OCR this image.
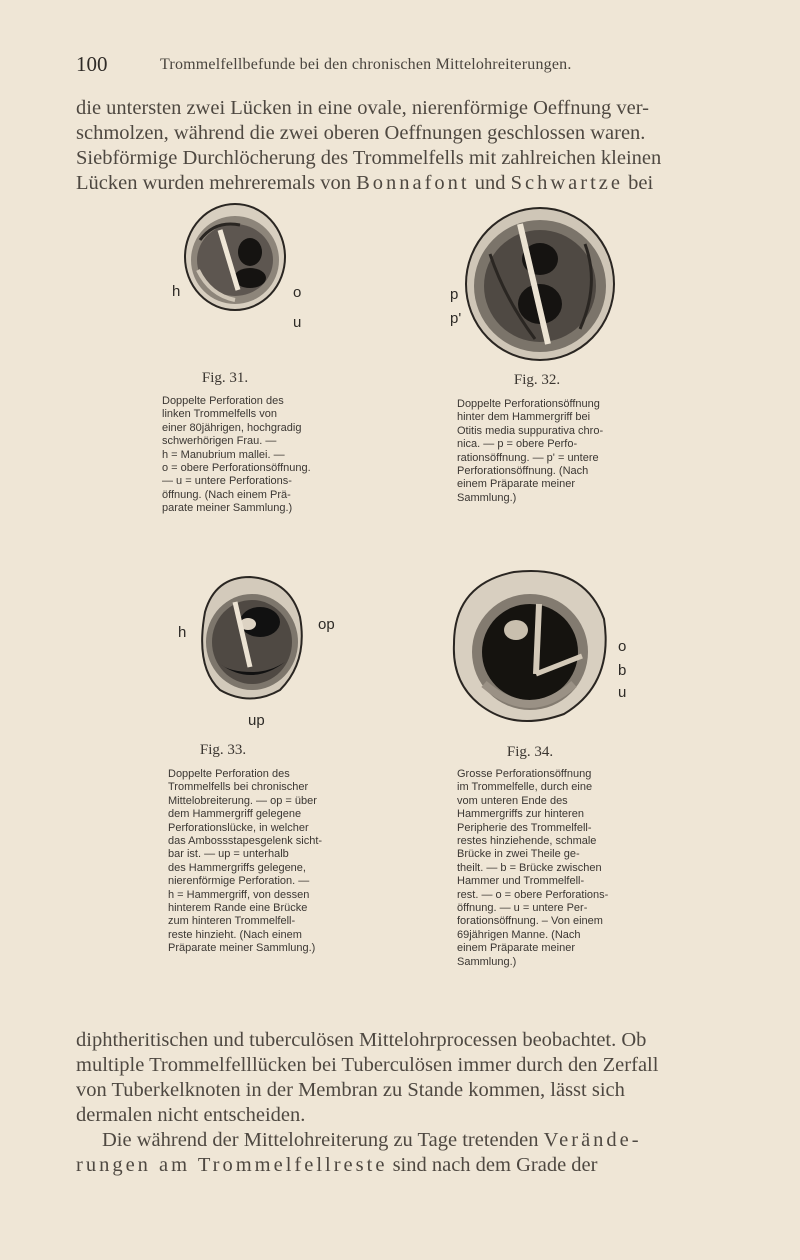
100	Trommelfellbefunde bei den chronischen Mittelohreiterungen.
die untersten zwei Lücken in eine ovale, nierenförmige Oeffnung ver-
schmolzen, während die zwei oberen Oeffnungen geschlossen waren.
Siebförmige Durchlöcherung des Trommelfells mit zahlreichen kleinen
Lücken wurden mehreremals von Bonnafont und Schwartze bei
h	o
u
Fig. 31.
Doppelte Perforation des
linken Trommelfells von
einer 80jährigen, hochgradig
schwerhörigen Frau. —
h = Manubrium mallei. —
o = obere Perforationsöffnung.
— u = untere Perforations-
öffnung. (Nach einem Prä-
parate meiner Sammlung.)
p
p'
Fig. 32.
Doppelte Perforationsöffnung
hinter dem Hammergriff bei
Otitis media suppurativa chro-
nica. — p = obere Perfo-
rationsöffnung. — p' = untere
Perforationsöffnung. (Nach
einem Präparate meiner
Sammlung.)
h	op
up
Fig. 33.
Doppelte Perforation des
Trommelfells bei chronischer
Mittelobreiterung. — op = über
dem Hammergriff gelegene
Perforationslücke, in welcher
das Ambossstapesgelenk sicht-
bar ist. — up = unterhalb
des Hammergriffs gelegene,
nierenförmige Perforation. —
h = Hammergriff, von dessen
hinterem Rande eine Brücke
zum hinteren Trommelfell-
reste hinzieht. (Nach einem
Präparate meiner Sammlung.)
o
b
u
Fig. 34.
Grosse Perforationsöffnung
im Trommelfelle, durch eine
vom unteren Ende des
Hammergriffs zur hinteren
Peripherie des Trommelfell-
restes hinziehende, schmale
Brücke in zwei Theile ge-
theilt. — b = Brücke zwischen
Hammer und Trommelfell-
rest. — o = obere Perforations-
öffnung. — u = untere Per-
forationsöffnung. – Von einem
69jährigen Manne. (Nach
einem Präparate meiner
Sammlung.)
diphtheritischen und tuberculösen Mittelohrprocessen beobachtet. Ob
multiple Trommelfelllücken bei Tuberculösen immer durch den Zerfall
von Tuberkelknoten in der Membran zu Stande kommen, lässt sich
dermalen nicht entscheiden.
Die während der Mittelohreiterung zu Tage tretenden Verände-
rungen am Trommelfellreste sind nach dem Grade der
